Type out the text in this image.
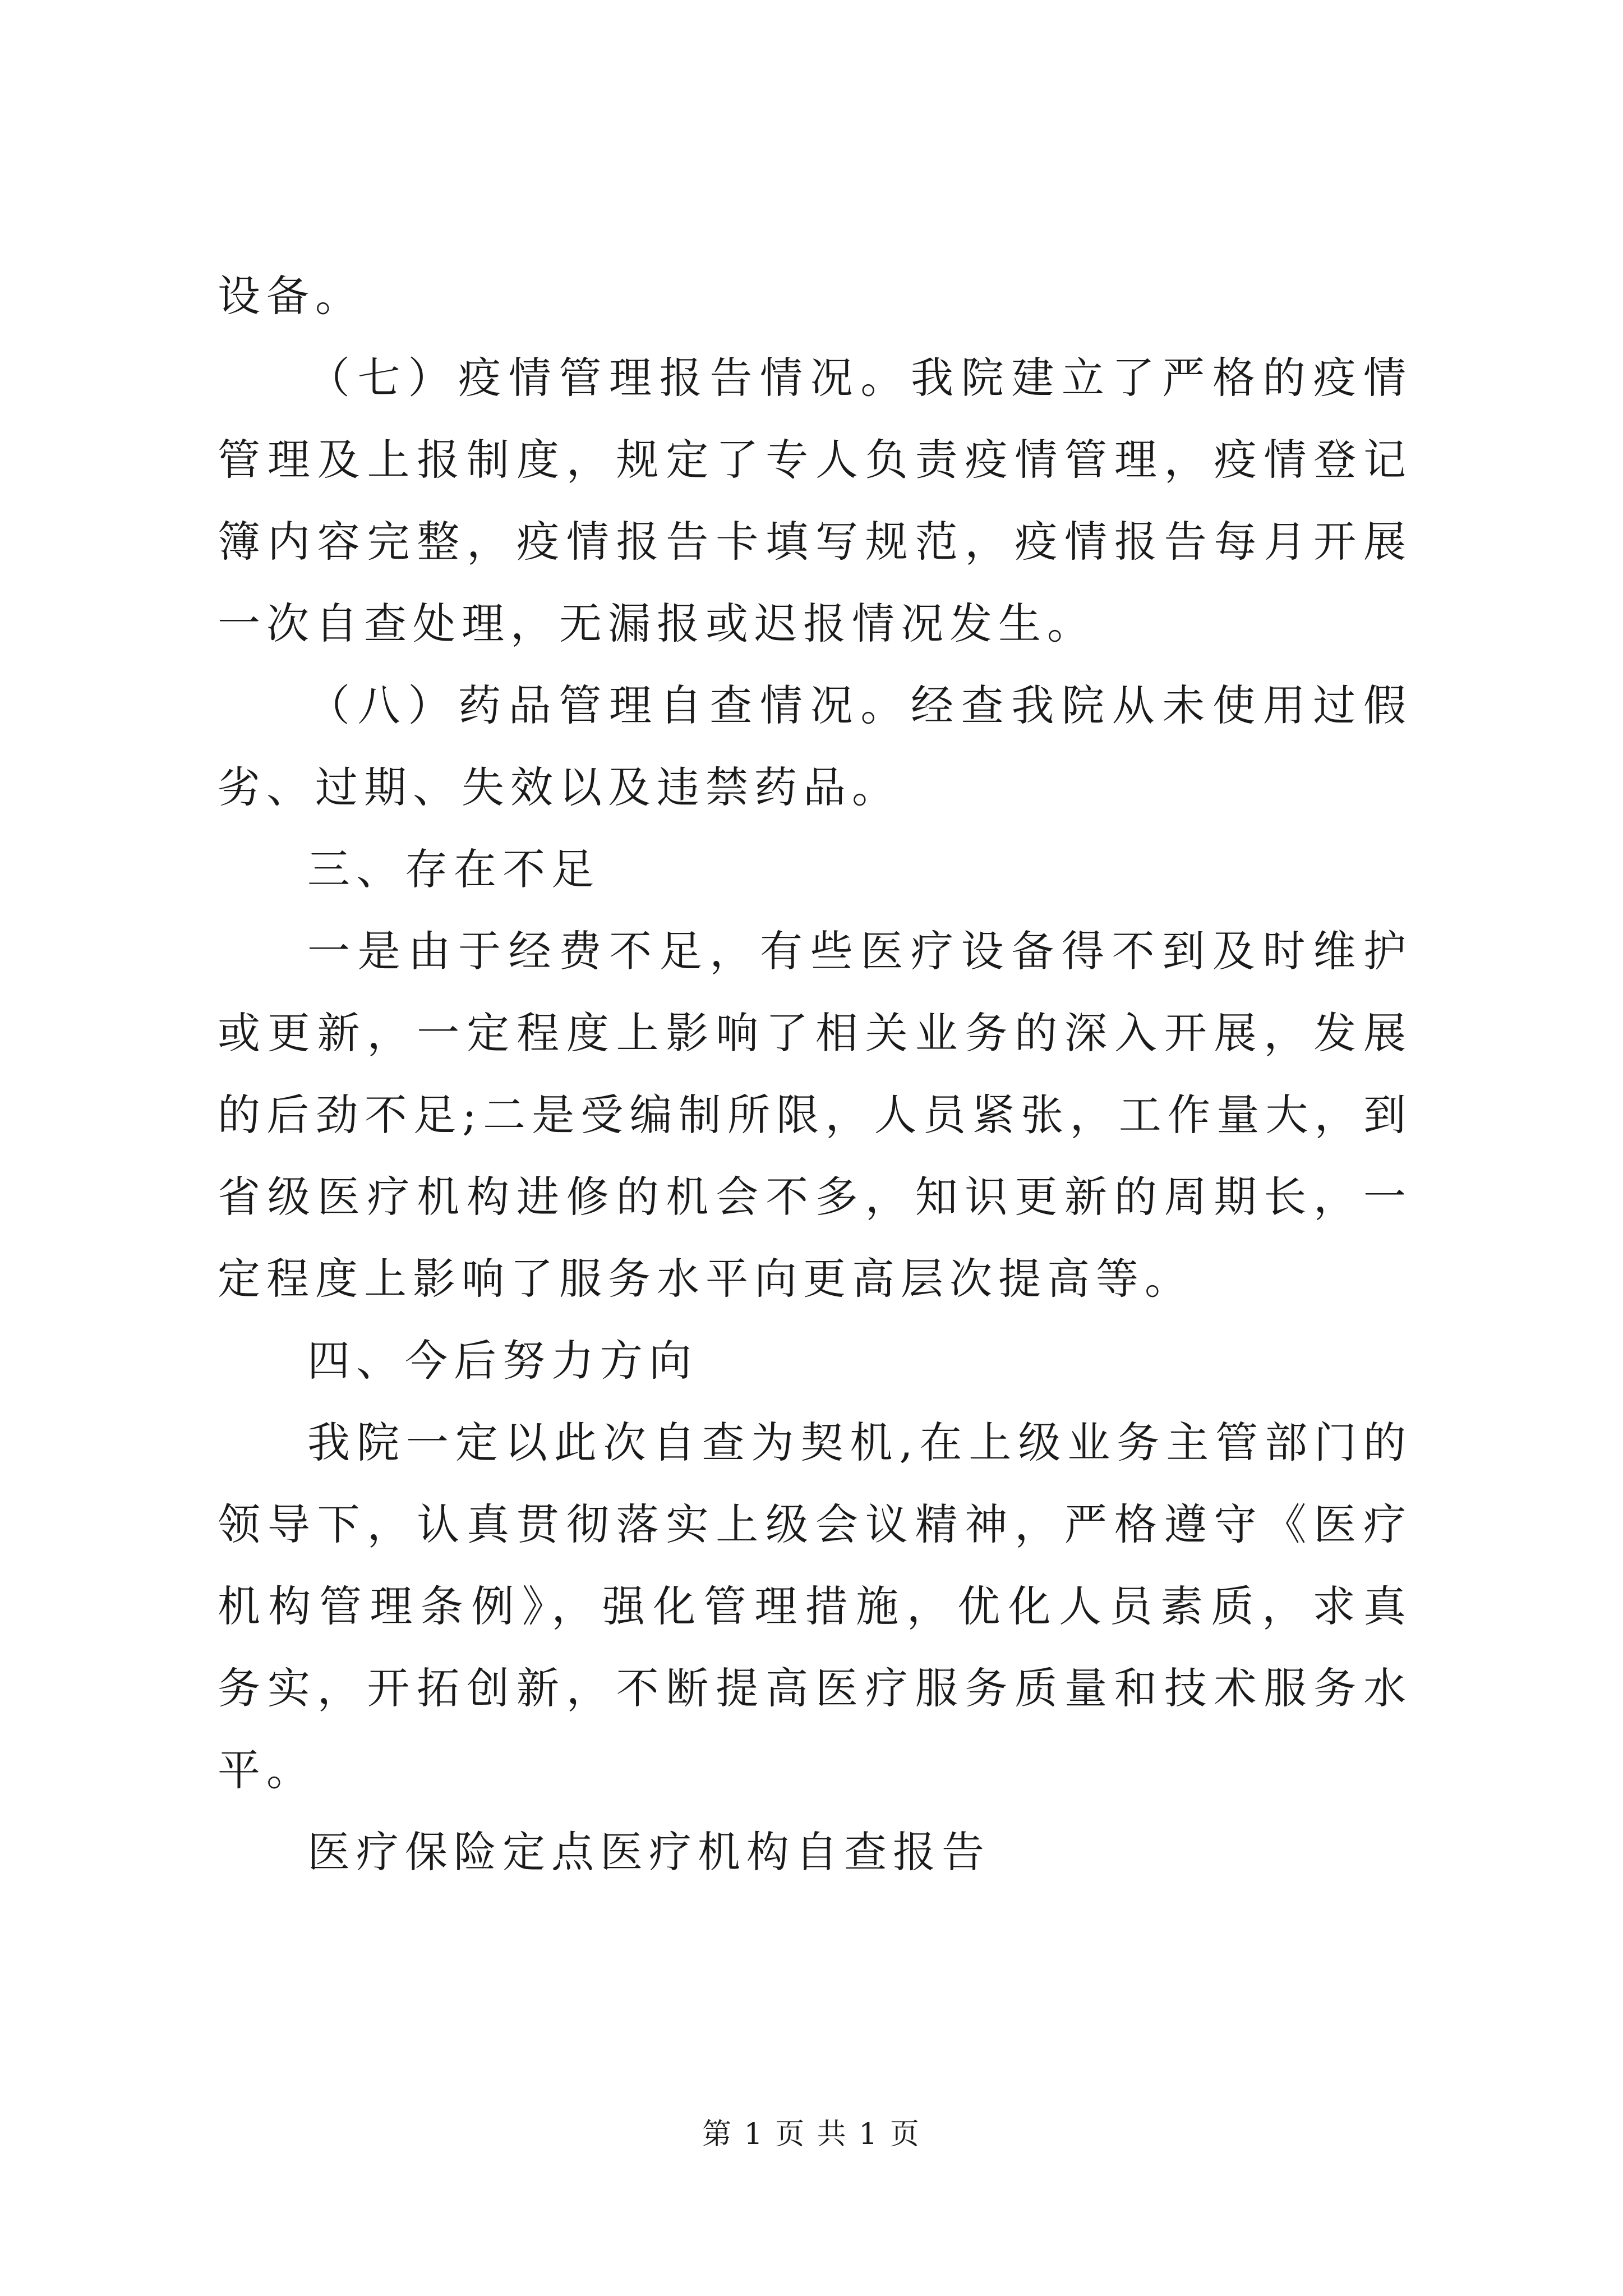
设备。

（七）疫情管理报告情况。我院建立了严格的疫情管理及上报制度，规定了专人负责疫情管理，疫情登记簿内容完整，疫情报告卡填写规范，疫情报告每月开展一次自查处理，无漏报或迟报情况发生。

（八）药品管理自查情况。经查我院从未使用过假劣、过期、失效以及违禁药品。

三、存在不足

一是由于经费不足，有些医疗设备得不到及时维护或更新，一定程度上影响了相关业务的深入开展，发展的后劲不足;二是受编制所限，人员紧张，工作量大，到省级医疗机构进修的机会不多，知识更新的周期长，一定程度上影响了服务水平向更高层次提高等。

四、今后努力方向

我院一定以此次自查为契机,在上级业务主管部门的领导下，认真贯彻落实上级会议精神，严格遵守《医疗机构管理条例》，强化管理措施，优化人员素质，求真务实，开拓创新，不断提高医疗服务质量和技术服务水平。

医疗保险定点医疗机构自查报告

第 1 页 共 1 页
